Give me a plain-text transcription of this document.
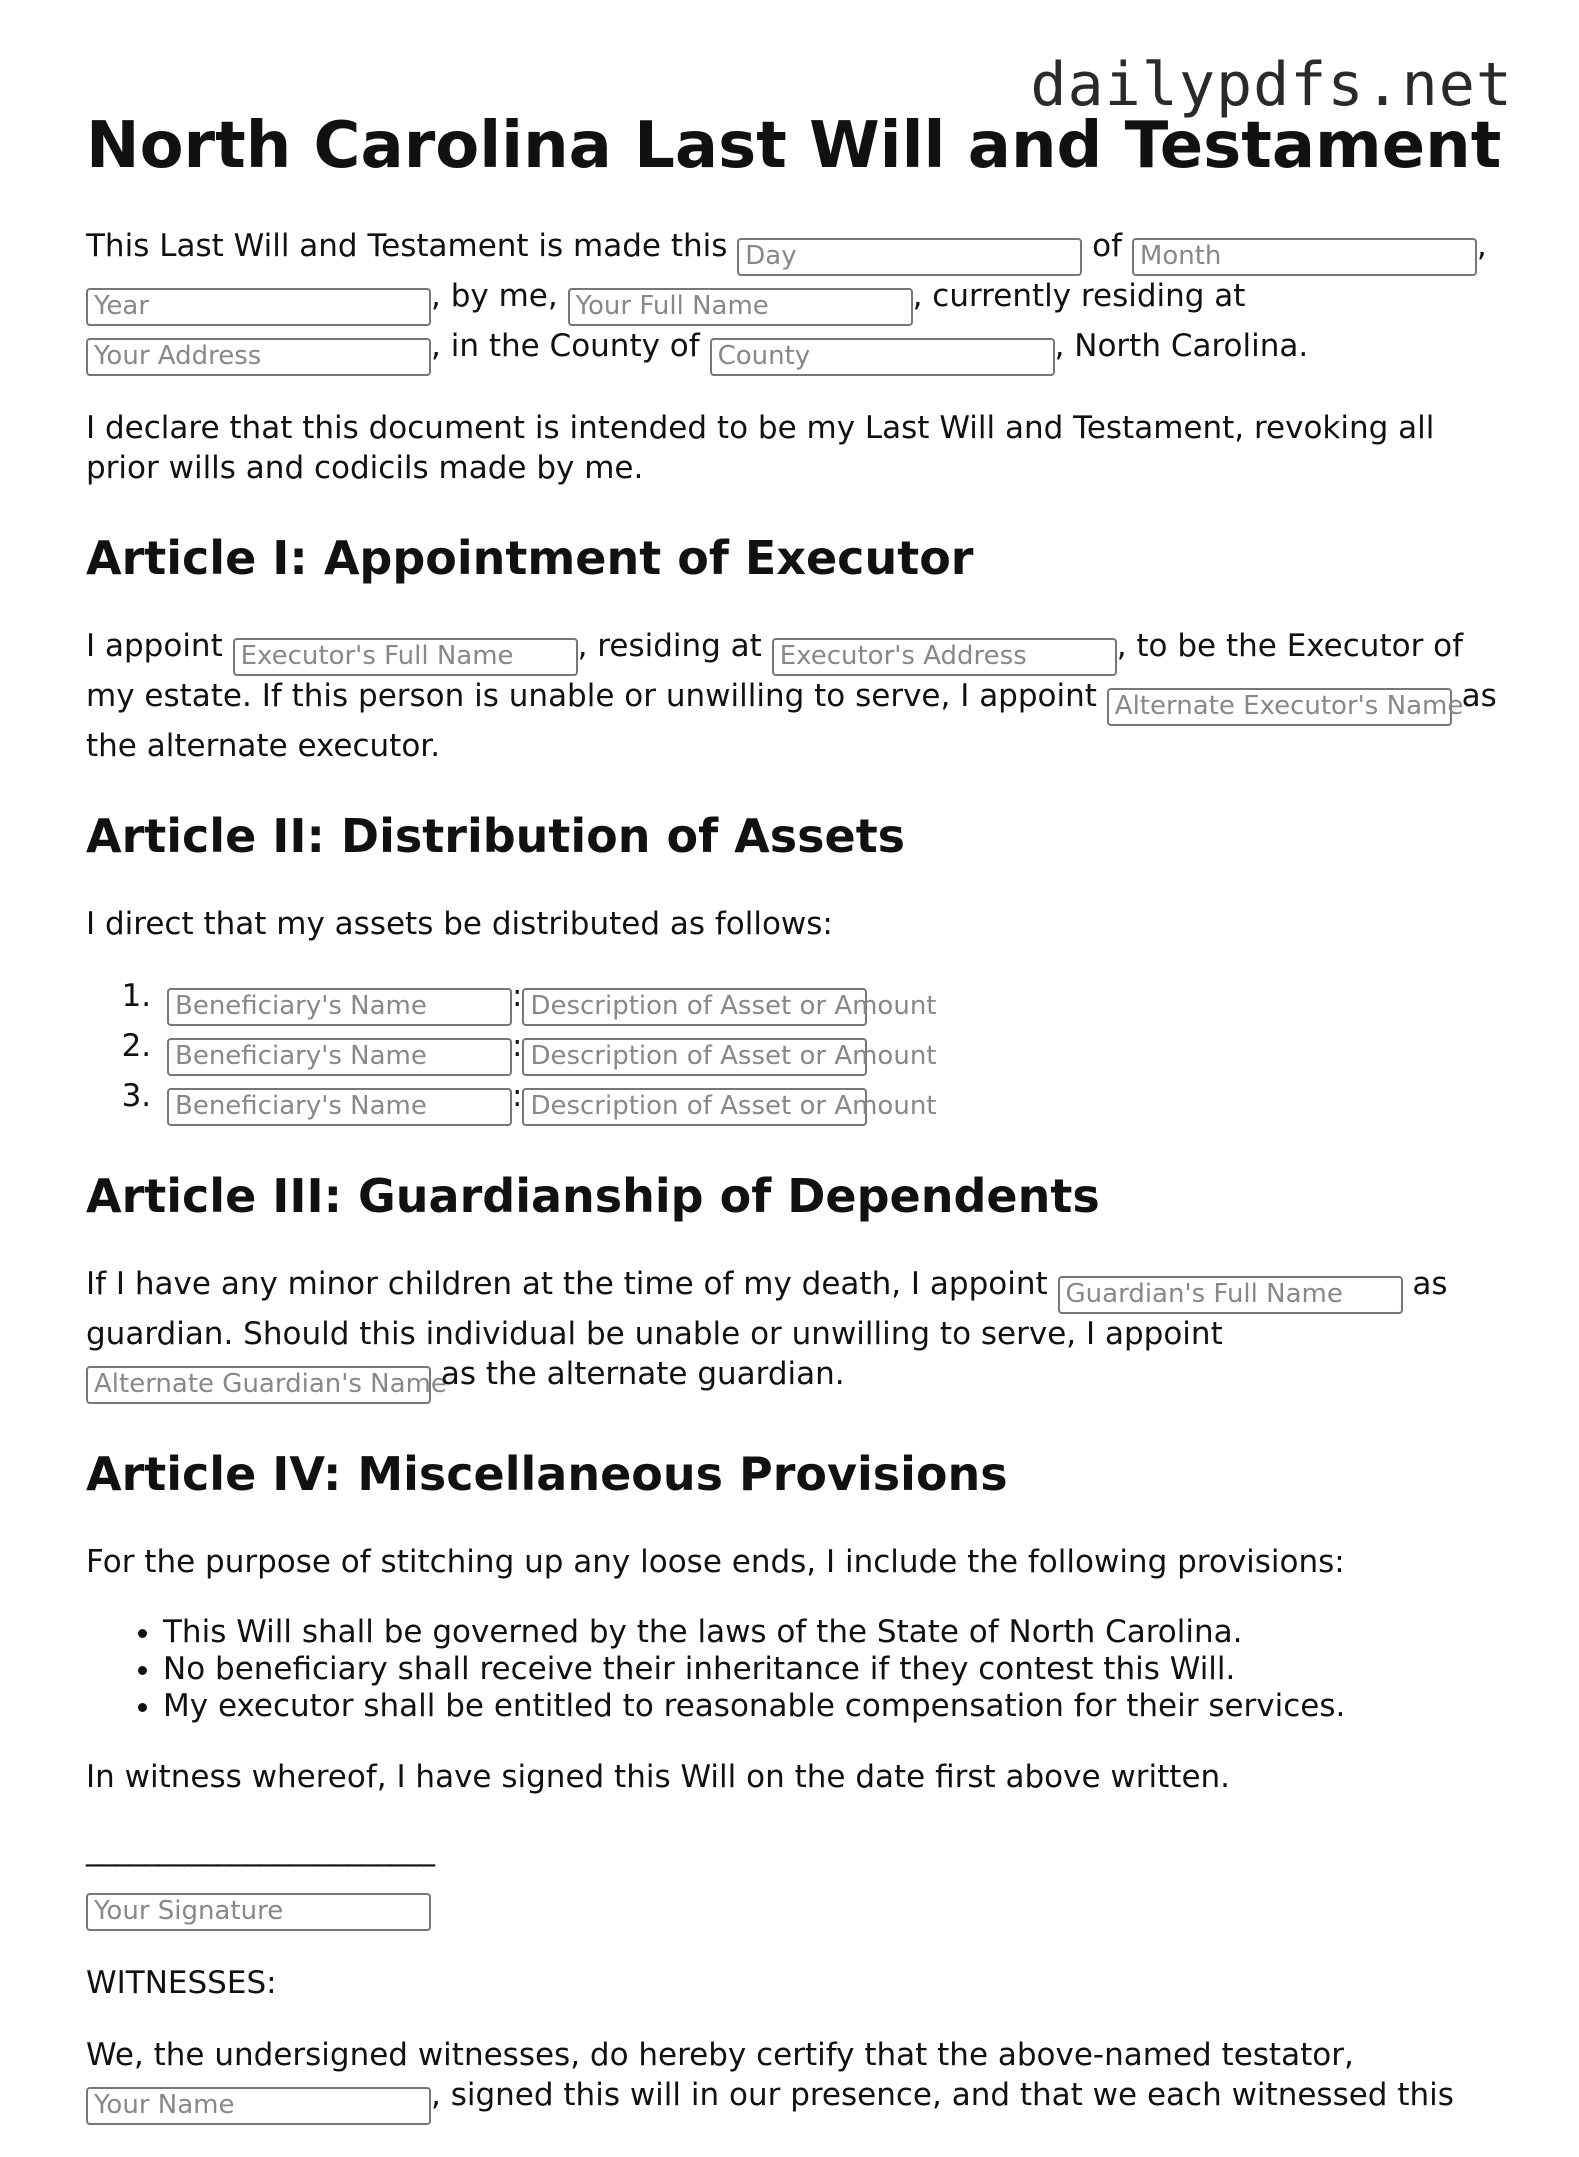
dailypdfs.net
North Carolina Last Will and Testament

This Last Will and Testament is made this Day	of Month	, Year	, by me, Your Full Name	, currently residing at Your Address	, in the County of County	, North Carolina.

I declare that this document is intended to be my Last Will and Testament, revoking all prior wills and codicils made by me.

Article I: Appointment of Executor

I appoint Executor's Full Name , residing at Executor's Address	, to be the Executor of my estate. If this person is unable or unwilling to serve, I appoint Alternate Executor's Name as the alternate executor.

Article II: Distribution of Assets

I direct that my assets be distributed as follows:

1. Beneficiary's Name	: Description of Asset or Amount
2. Beneficiary's Name	: Description of Asset or Amount
3. Beneficiary's Name	: Description of Asset or Amount
Article III: Guardianship of Dependents

If I have any minor children at the time of my death, I appoint Guardian's Full Name as guardian. Should this individual be unable or unwilling to serve, I appoint Alternate Guardian's Name as the alternate guardian.

Article IV: Miscellaneous Provisions

For the purpose of stitching up any loose ends, I include the following provisions:

• This Will shall be governed by the laws of the State of North Carolina.
• No beneficiary shall receive their inheritance if they contest this Will.
• My executor shall be entitled to reasonable compensation for their services.

In witness whereof, I have signed this Will on the date first above written.

________________________

Your Signature

WITNESSES:

We, the undersigned witnesses, do hereby certify that the above-named testator, Your Name	, signed this will in our presence, and that we each witnessed this
